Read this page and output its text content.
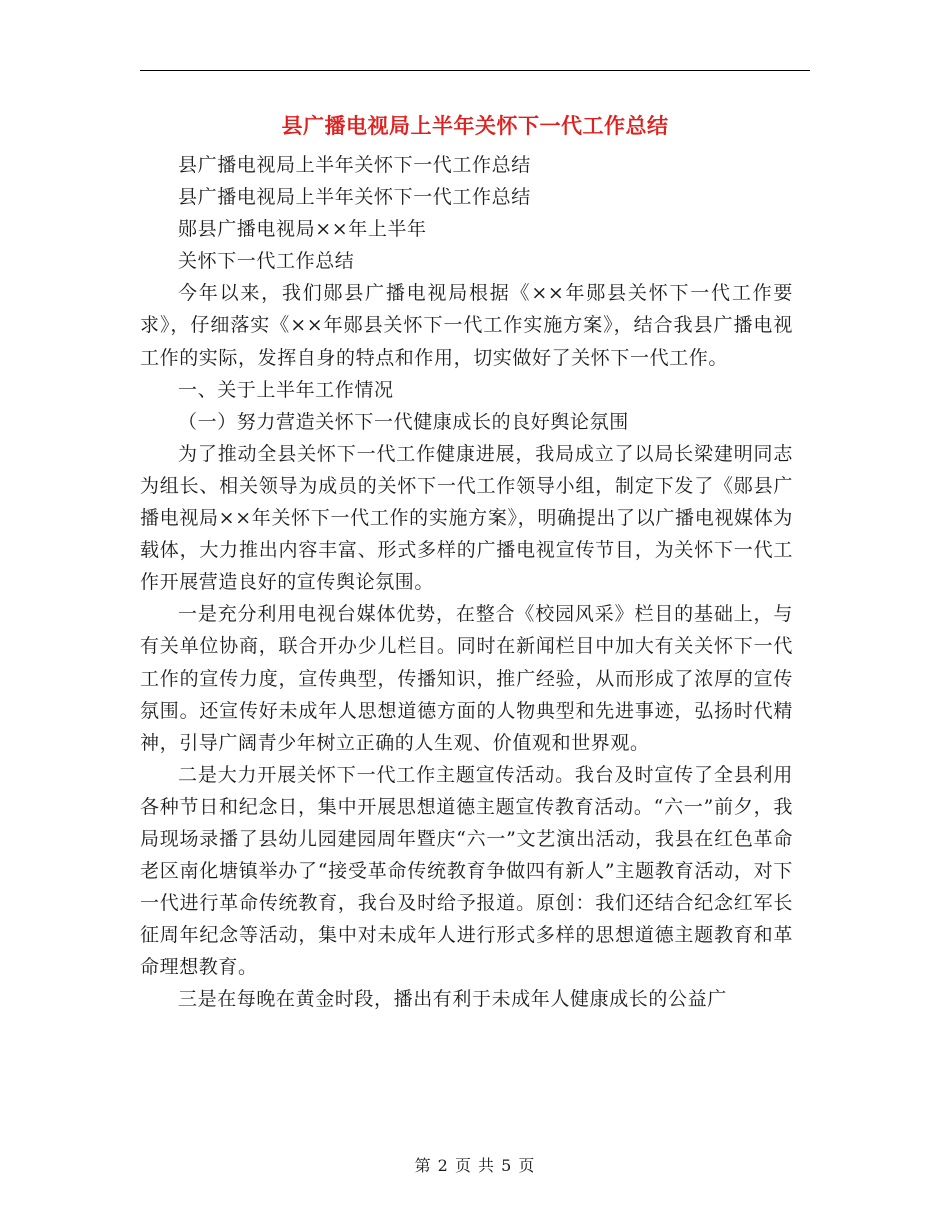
县广播电视局上半年关怀下一代工作总结

县广播电视局上半年关怀下一代工作总结

县广播电视局上半年关怀下一代工作总结

郧县广播电视局××年上半年

关怀下一代工作总结

今年以来，我们郧县广播电视局根据《××年郧县关怀下一代工作要求》，仔细落实《××年郧县关怀下一代工作实施方案》，结合我县广播电视工作的实际，发挥自身的特点和作用，切实做好了关怀下一代工作。

一、关于上半年工作情况

（一）努力营造关怀下一代健康成长的良好舆论氛围

为了推动全县关怀下一代工作健康进展，我局成立了以局长梁建明同志为组长、相关领导为成员的关怀下一代工作领导小组，制定下发了《郧县广播电视局××年关怀下一代工作的实施方案》，明确提出了以广播电视媒体为载体，大力推出内容丰富、形式多样的广播电视宣传节目，为关怀下一代工作开展营造良好的宣传舆论氛围。

一是充分利用电视台媒体优势，在整合《校园风采》栏目的基础上，与有关单位协商，联合开办少儿栏目。同时在新闻栏目中加大有关关怀下一代工作的宣传力度，宣传典型，传播知识，推广经验，从而形成了浓厚的宣传氛围。还宣传好未成年人思想道德方面的人物典型和先进事迹，弘扬时代精神，引导广阔青少年树立正确的人生观、价值观和世界观。

二是大力开展关怀下一代工作主题宣传活动。我台及时宣传了全县利用各种节日和纪念日，集中开展思想道德主题宣传教育活动。“六一”前夕，我局现场录播了县幼儿园建园周年暨庆“六一”文艺演出活动，我县在红色革命老区南化塘镇举办了“接受革命传统教育争做四有新人”主题教育活动，对下一代进行革命传统教育，我台及时给予报道。原创：我们还结合纪念红军长征周年纪念等活动，集中对未成年人进行形式多样的思想道德主题教育和革命理想教育。

三是在每晚在黄金时段，播出有利于未成年人健康成长的公益广

第 2 页 共 5 页
